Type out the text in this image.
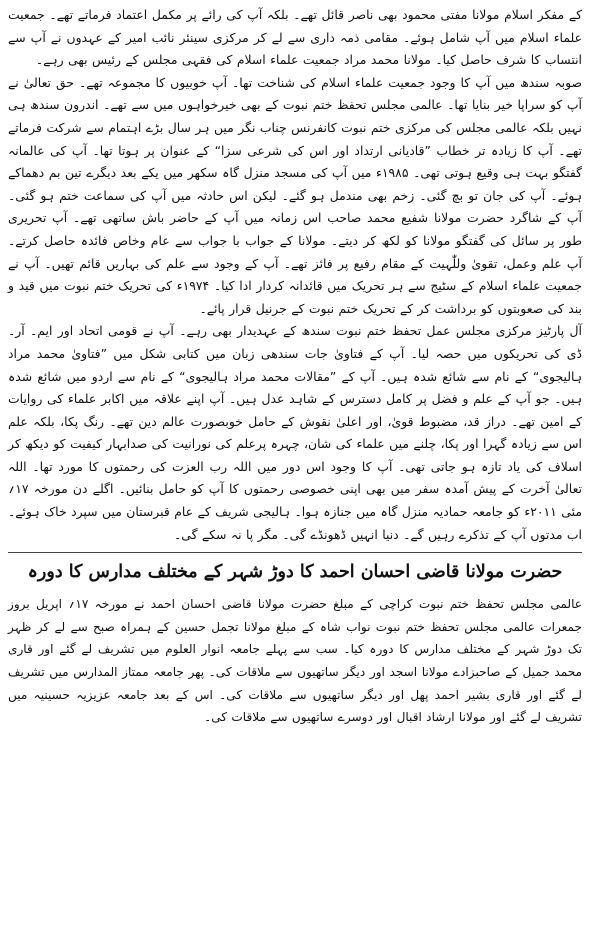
کے مفکر اسلام مولانا مفتی محمود بھی ناصر قائل تھے۔ بلکہ آپ کی رائے پر مکمل اعتماد فرماتے تھے۔ جمعیت علماء اسلام میں آپ شامل ہوئے۔ مقامی ذمہ داری سے لے کر مرکزی سینئر نائب امیر کے عہدوں نے آپ سے انتساب کا شرف حاصل کیا۔ مولانا محمد مراد جمعیت علماء اسلام کی فقہی مجلس کے رئیس بھی رہے۔

صوبہ سندھ میں آپ کا وجود جمعیت علماء اسلام کی شناخت تھا۔ آپ خوبیوں کا مجموعہ تھے۔ حق تعالیٰ نے آپ کو سراپا خیر بنایا تھا۔ عالمی مجلس تحفظ ختم نبوت کے بھی خیرخواہوں میں سے تھے۔ اندرون سندھ ہی نہیں بلکہ عالمی مجلس کی مرکزی ختم نبوت کانفرنس چناب نگر میں ہر سال بڑے اہتمام سے شرکت فرماتے تھے۔ آپ کا زیادہ تر خطاب ”قادیانی ارتداد اور اس کی شرعی سزا“ کے عنوان پر ہوتا تھا۔ آپ کی عالمانہ گفتگو بہت ہی وقیع ہوتی تھی۔ ۱۹۸۵ء میں آپ کی مسجد منزل گاہ سکھر میں یکے بعد دیگرے تین بم دھماکے ہوئے۔ آپ کی جان تو بچ گئی۔ زخم بھی مندمل ہو گئے۔ لیکن اس حادثہ میں آپ کی سماعت ختم ہو گئی۔ آپ کے شاگرد حضرت مولانا شفیع محمد صاحب اس زمانہ میں آپ کے حاضر باش ساتھی تھے۔ آپ تحریری طور پر سائل کی گفتگو مولانا کو لکھ کر دیتے۔ مولانا کے جواب با جواب سے عام وخاص فائدہ حاصل کرتے۔ آپ علم وعمل، تقویٰ وللّٰہیت کے مقام رفیع پر فائز تھے۔ آپ کے وجود سے علم کی بہاریں قائم تھیں۔ آپ نے جمعیت علماء اسلام کے سٹیج سے ہر تحریک میں قائدانہ کردار ادا کیا۔ ۱۹۷۴ء کی تحریک ختم نبوت میں قید و بند کی صعوبتوں کو برداشت کر کے تحریک ختم نبوت کے جرنیل قرار پائے۔

آل پارٹیز مرکزی مجلس عمل تحفظ ختم نبوت سندھ کے عہدیدار بھی رہے۔ آپ نے قومی اتحاد اور ایم۔ آر۔ ڈی کی تحریکوں میں حصہ لیا۔ آپ کے فتاویٰ جات سندھی زبان میں کتابی شکل میں ”فتاویٰ محمد مراد ہالیجوی“ کے نام سے شائع شدہ ہیں۔ آپ کے ”مقالات محمد مراد ہالیجوی“ کے نام سے اردو میں شائع شدہ ہیں۔ جو آپ کے علم و فضل پر کامل دسترس کے شاہد عدل ہیں۔ آپ اپنے علاقہ میں اکابر علماء کی روایات کے امین تھے۔ دراز قد، مضبوط قویٰ، اور اعلیٰ نقوش کے حامل خوبصورت عالم دین تھے۔ رنگ پکا، بلکہ علم اس سے زیادہ گہرا اور پکا، چلنے میں علماء کی شان، چہرہ پرعلم کی نورانیت کی صدابہار کیفیت کو دیکھ کر اسلاف کی یاد تازہ ہو جاتی تھی۔ آپ کا وجود اس دور میں اللہ رب العزت کی رحمتوں کا مورد تھا۔ اللہ تعالیٰ آخرت کے پیش آمدہ سفر میں بھی اپنی خصوصی رحمتوں کا آپ کو حامل بنائیں۔ اگلے دن مورخہ ۱۷؍ مئی ۲۰۱۱ء کو جامعہ حمادیہ منزل گاہ میں جنازہ ہوا۔ ہالیجی شریف کے عام قبرستان میں سپرد خاک ہوئے۔ اب مدتوں آپ کے تذکرے رہیں گے۔ دنیا انہیں ڈھونڈے گی۔ مگر پا نہ سکے گی۔

حضرت مولانا قاضی احسان احمد کا دوڑ شہر کے مختلف مدارس کا دورہ

عالمی مجلس تحفظ ختم نبوت کراچی کے مبلغ حضرت مولانا قاضی احسان احمد نے مورخہ ۱۷؍ اپریل بروز جمعرات عالمی مجلس تحفظ ختم نبوت نواب شاہ کے مبلغ مولانا تجمل حسین کے ہمراہ صبح سے لے کر ظہر تک دوڑ شہر کے مختلف مدارس کا دورہ کیا۔ سب سے پہلے جامعہ انوار العلوم میں تشریف لے گئے اور قاری محمد جمیل کے صاحبزادے مولانا اسجد اور دیگر ساتھیوں سے ملاقات کی۔ پھر جامعہ ممتاز المدارس میں تشریف لے گئے اور قاری بشیر احمد پھل اور دیگر ساتھیوں سے ملاقات کی۔ اس کے بعد جامعہ عزیزیہ حسینیہ میں تشریف لے گئے اور مولانا ارشاد اقبال اور دوسرے ساتھیوں سے ملاقات کی۔
